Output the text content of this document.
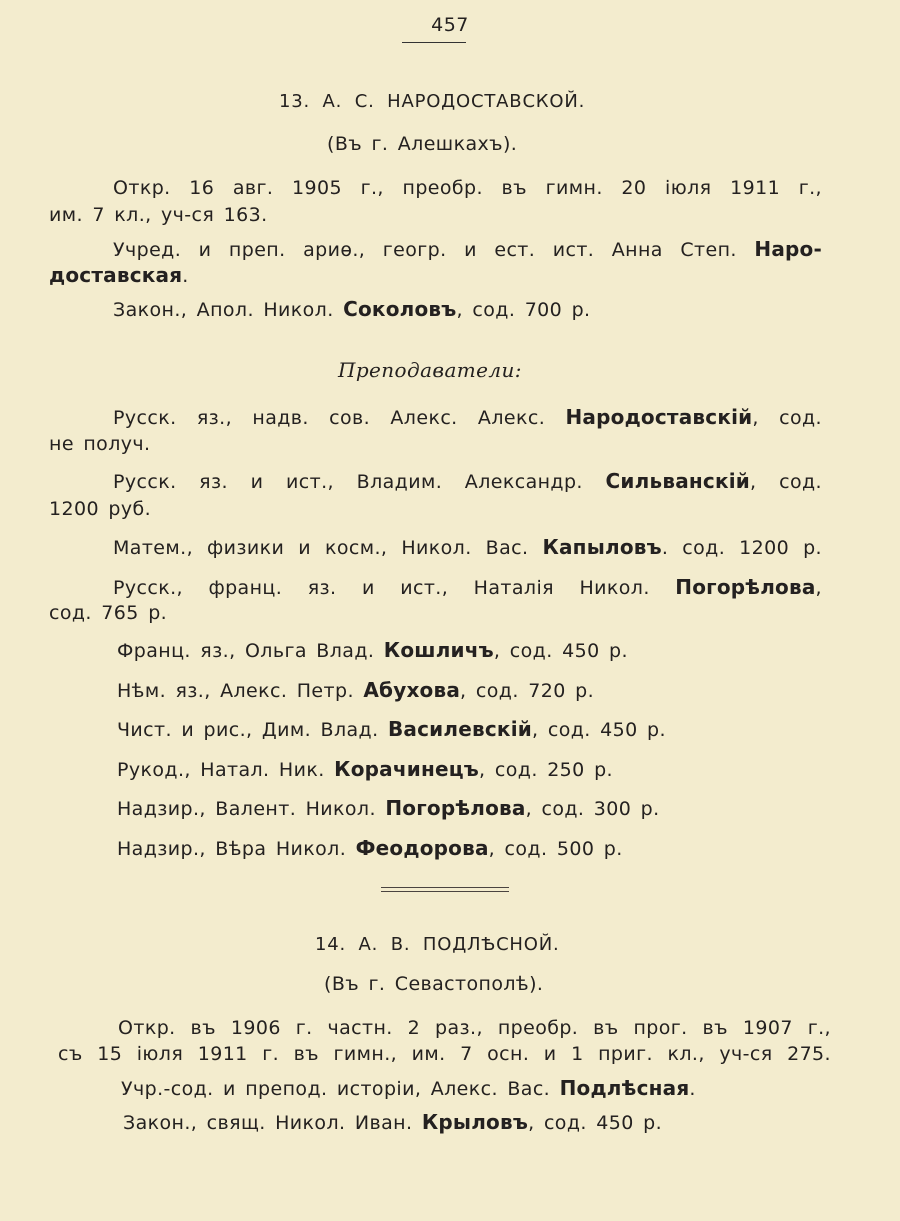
457
13. А. С. НАРОДОСТАВСКОЙ.
(Въ г. Алешкахъ).
Откр. 16 авг. 1905 г., преобр. въ гимн. 20 іюля 1911 г.,
им. 7 кл., уч-ся 163.
Учред. и преп. ариѳ., геогр. и ест. ист. Анна Степ. Наро-
доставская.
Закон., Апол. Никол. Соколовъ, сод. 700 р.
Преподаватели:
Русск. яз., надв. сов. Алекс. Алекс. Народоставскій, сод.
не получ.
Русск. яз. и ист., Владим. Александр. Сильванскій, сод.
1200 руб.
Матем., физики и косм., Никол. Вас. Капыловъ. сод. 1200 р.
Русск., франц. яз. и ист., Наталія Никол. Погорѣлова,
сод. 765 р.
Франц. яз., Ольга Влад. Кошличъ, сод. 450 р.
Нѣм. яз., Алекс. Петр. Абухова, сод. 720 р.
Чист. и рис., Дим. Влад. Василевскій, сод. 450 р.
Рукод., Натал. Ник. Корачинецъ, сод. 250 р.
Надзир., Валент. Никол. Погорѣлова, сод. 300 р.
Надзир., Вѣра Никол. Феодорова, сод. 500 р.
14. А. В. ПОДЛѢСНОЙ.
(Въ г. Севастополѣ).
Откр. въ 1906 г. частн. 2 раз., преобр. въ прог. въ 1907 г.,
съ 15 іюля 1911 г. въ гимн., им. 7 осн. и 1 приг. кл., уч-ся 275.
Учр.-сод. и препод. исторіи, Алекс. Вас. Подлѣсная.
Закон., свящ. Никол. Иван. Крыловъ, сод. 450 р.
